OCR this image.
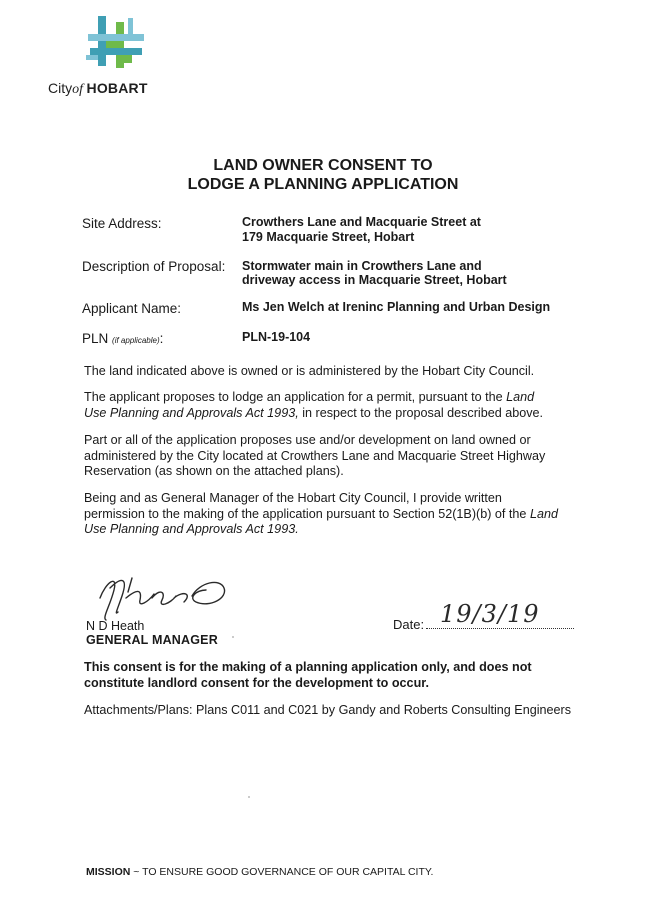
Cityof HOBART
LAND OWNER CONSENT TO
LODGE A PLANNING APPLICATION
Site Address:	Crowthers Lane and Macquarie Street at
179 Macquarie Street, Hobart
Description of Proposal: Stormwater main in Crowthers Lane and
driveway access in Macquarie Street, Hobart
Applicant Name:	Ms Jen Welch at Ireninc Planning and Urban Design
PLN (if applicable):	PLN-19-104
The land indicated above is owned or is administered by the Hobart City Council.
The applicant proposes to lodge an application for a permit, pursuant to the Land
Use Planning and Approvals Act 1993, in respect to the proposal described above.
Part or all of the application proposes use and/or development on land owned or
administered by the City located at Crowthers Lane and Macquarie Street Highway
Reservation (as shown on the attached plans).
Being and as General Manager of the Hobart City Council, I provide written
permission to the making of the application pursuant to Section 52(1B)(b) of the Land
Use Planning and Approvals Act 1993.
N D Heath
GENERAL MANAGER
Date: 19/3/19
This consent is for the making of a planning application only, and does not
constitute landlord consent for the development to occur.
Attachments/Plans: Plans C011 and C021 by Gandy and Roberts Consulting Engineers
MISSION ~ TO ENSURE GOOD GOVERNANCE OF OUR CAPITAL CITY.
